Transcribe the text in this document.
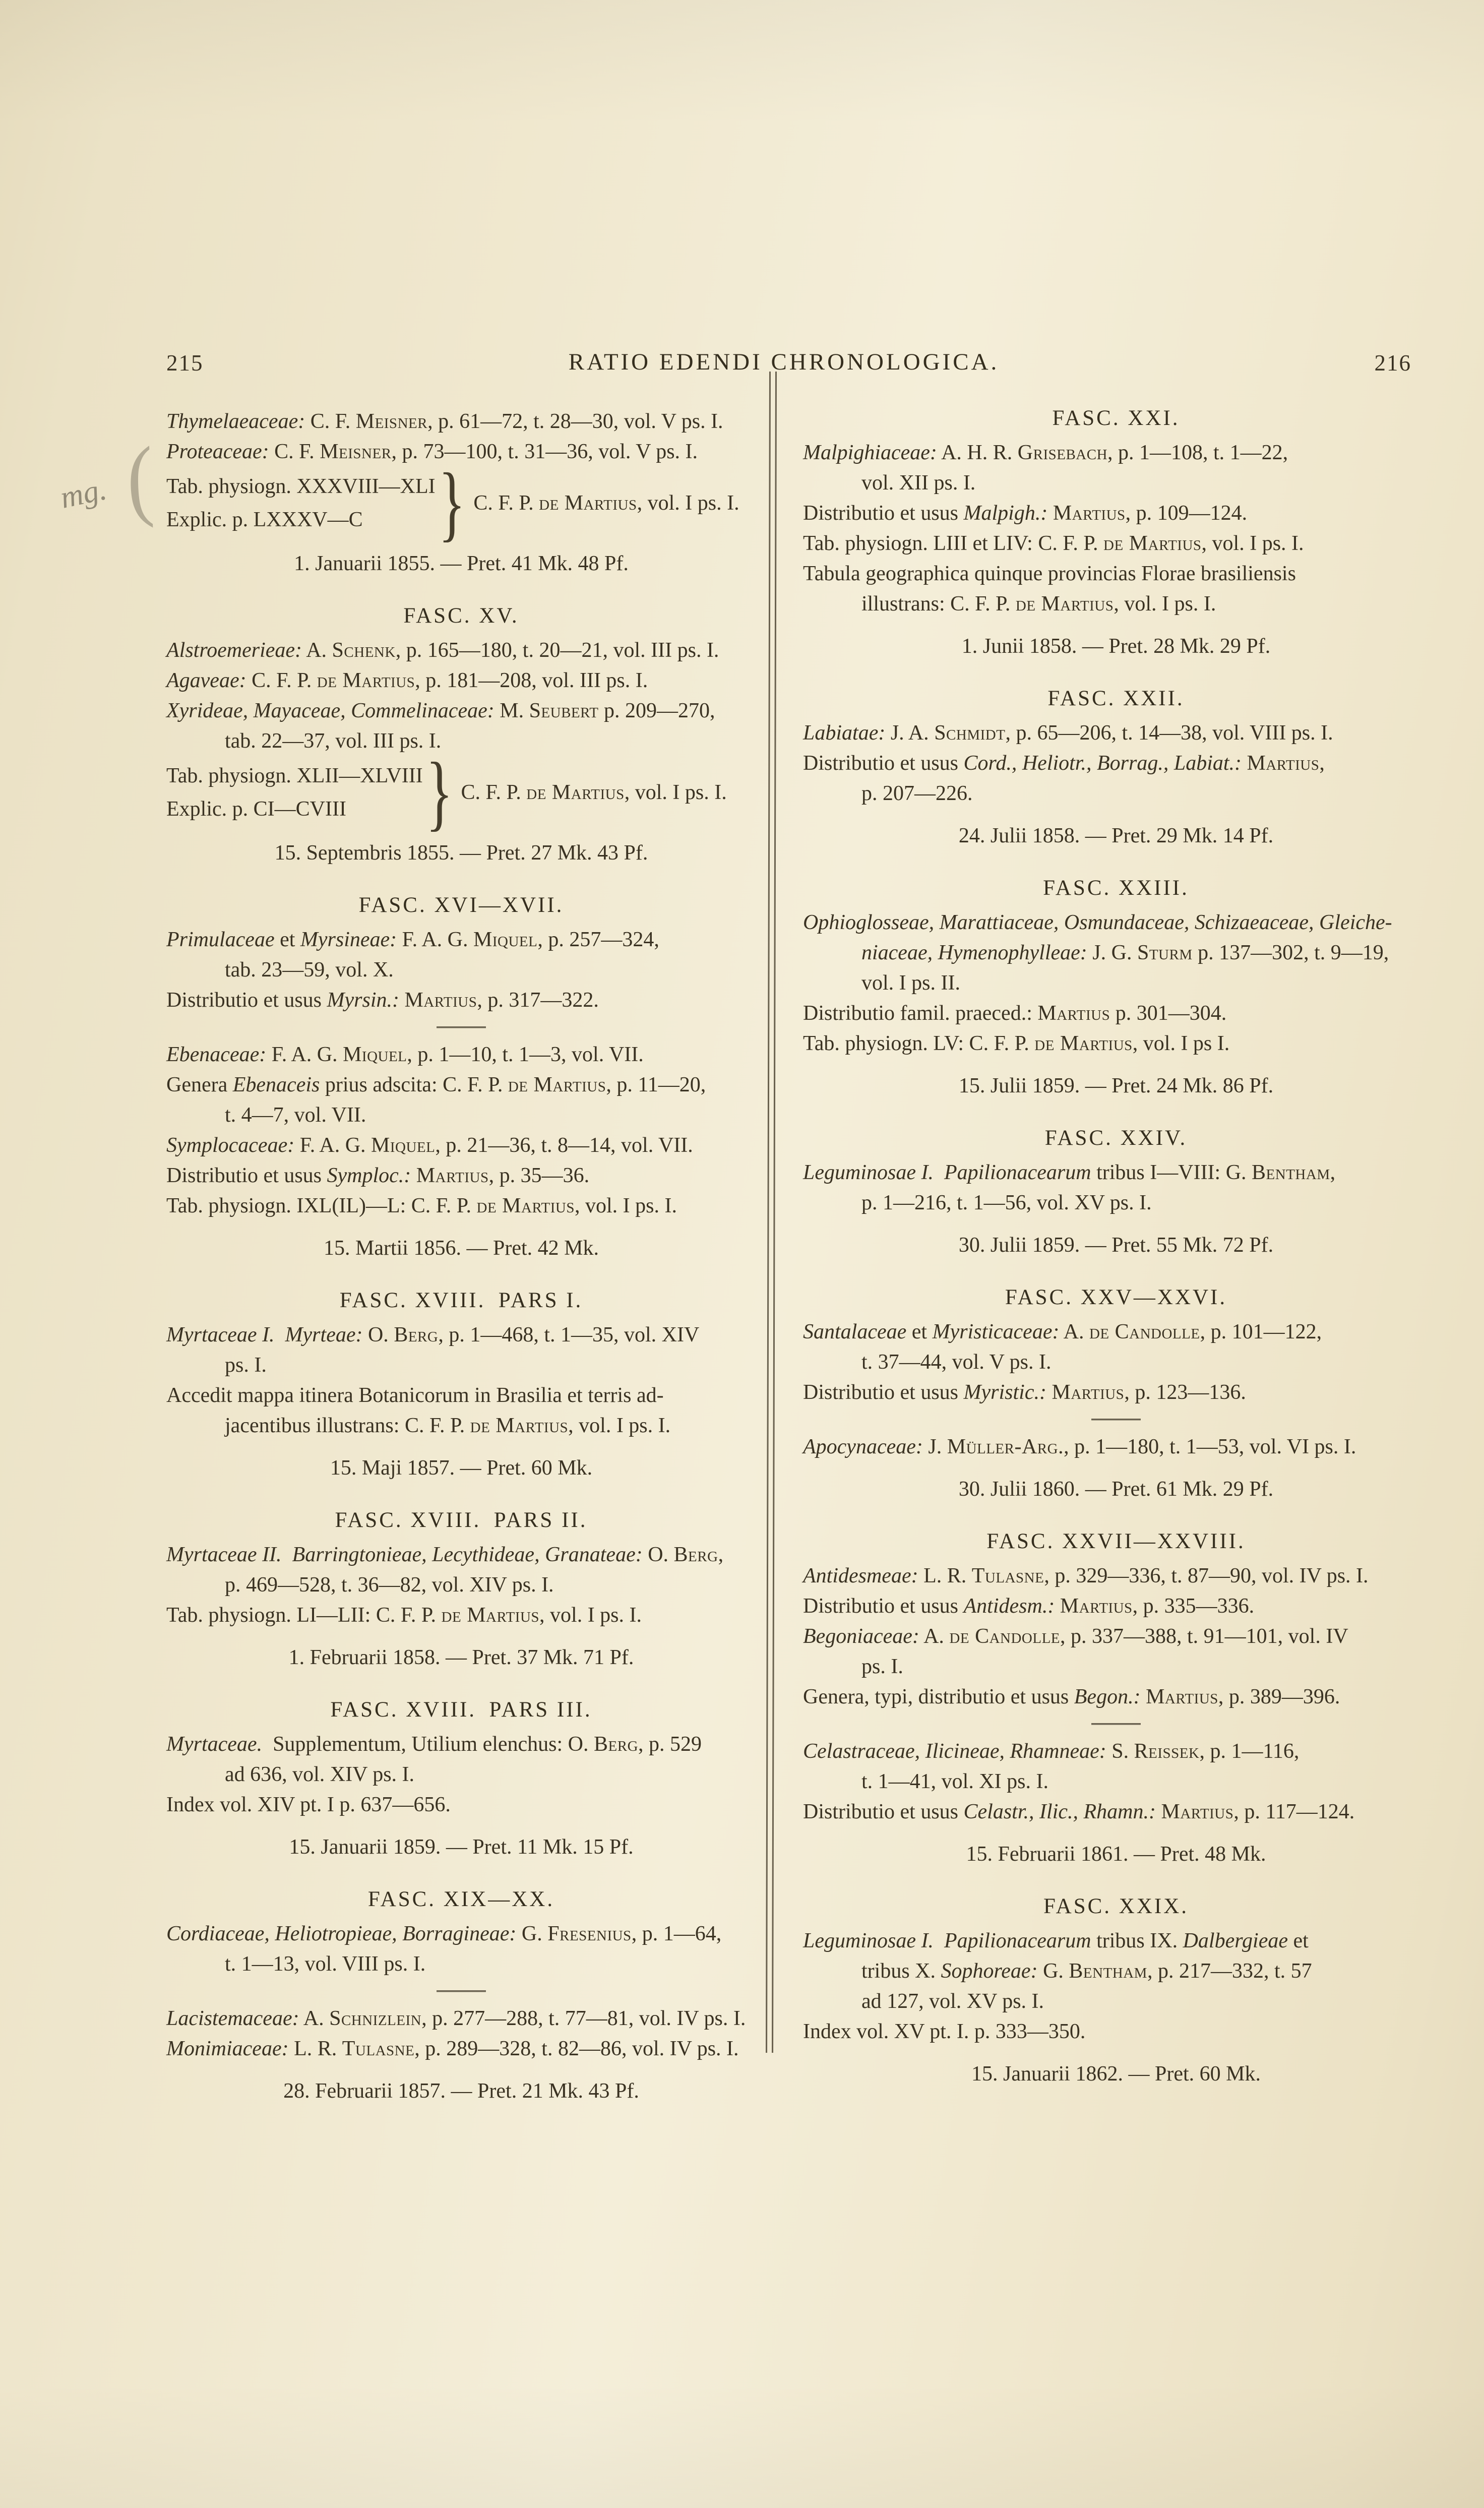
215	RATIO EDENDI CHRONOLOGICA.	216
(
mg.
Thymelaeaceae: C. F. Meisner, p. 61—72, t. 28—30, vol. V ps. I.
Proteaceae: C. F. Meisner, p. 73—100, t. 31—36, vol. V ps. I.
Tab. physiogn. XXXVIII—XLI
Explic. p. LXXXV—C	} C. F. P. de Martius, vol. I ps. I.
1. Januarii 1855. — Pret. 41 Mk. 48 Pf.
FASC. XV.
Alstroemerieae: A. Schenk, p. 165—180, t. 20—21, vol. III ps. I.
Agaveae: C. F. P. de Martius, p. 181—208, vol. III ps. I.
Xyrideae, Mayaceae, Commelinaceae: M. Seubert p. 209—270,
tab. 22—37, vol. III ps. I.
Tab. physiogn. XLII—XLVIII
Explic. p. CI—CVIII	} C. F. P. de Martius, vol. I ps. I.
15. Septembris 1855. — Pret. 27 Mk. 43 Pf.
FASC. XVI—XVII.
Primulaceae et Myrsineae: F. A. G. Miquel, p. 257—324,
tab. 23—59, vol. X.
Distributio et usus Myrsin.: Martius, p. 317—322.
Ebenaceae: F. A. G. Miquel, p. 1—10, t. 1—3, vol. VII.
Genera Ebenaceis prius adscita: C. F. P. de Martius, p. 11—20,
t. 4—7, vol. VII.
Symplocaceae: F. A. G. Miquel, p. 21—36, t. 8—14, vol. VII.
Distributio et usus Symploc.: Martius, p. 35—36.
Tab. physiogn. IXL(IL)—L: C. F. P. de Martius, vol. I ps. I.
15. Martii 1856. — Pret. 42 Mk.
FASC. XVIII. PARS I.
Myrtaceae I. Myrteae: O. Berg, p. 1—468, t. 1—35, vol. XIV
ps. I.
Accedit mappa itinera Botanicorum in Brasilia et terris ad-
jacentibus illustrans: C. F. P. de Martius, vol. I ps. I.
15. Maji 1857. — Pret. 60 Mk.
FASC. XVIII. PARS II.
Myrtaceae II. Barringtonieae, Lecythideae, Granateae: O. Berg,
p. 469—528, t. 36—82, vol. XIV ps. I.
Tab. physiogn. LI—LII: C. F. P. de Martius, vol. I ps. I.
1. Februarii 1858. — Pret. 37 Mk. 71 Pf.
FASC. XVIII. PARS III.
Myrtaceae. Supplementum, Utilium elenchus: O. Berg, p. 529
ad 636, vol. XIV ps. I.
Index vol. XIV pt. I p. 637—656.
15. Januarii 1859. — Pret. 11 Mk. 15 Pf.
FASC. XIX—XX.
Cordiaceae, Heliotropieae, Borragineae: G. Fresenius, p. 1—64,
t. 1—13, vol. VIII ps. I.
Lacistemaceae: A. Schnizlein, p. 277—288, t. 77—81, vol. IV ps. I.
Monimiaceae: L. R. Tulasne, p. 289—328, t. 82—86, vol. IV ps. I.
28. Februarii 1857. — Pret. 21 Mk. 43 Pf.
FASC. XXI.
Malpighiaceae: A. H. R. Grisebach, p. 1—108, t. 1—22,
vol. XII ps. I.
Distributio et usus Malpigh.: Martius, p. 109—124.
Tab. physiogn. LIII et LIV: C. F. P. de Martius, vol. I ps. I.
Tabula geographica quinque provincias Florae brasiliensis
illustrans: C. F. P. de Martius, vol. I ps. I.
1. Junii 1858. — Pret. 28 Mk. 29 Pf.
FASC. XXII.
Labiatae: J. A. Schmidt, p. 65—206, t. 14—38, vol. VIII ps. I.
Distributio et usus Cord., Heliotr., Borrag., Labiat.: Martius,
p. 207—226.
24. Julii 1858. — Pret. 29 Mk. 14 Pf.
FASC. XXIII.
Ophioglosseae, Marattiaceae, Osmundaceae, Schizaeaceae, Gleiche-
niaceae, Hymenophylleae: J. G. Sturm p. 137—302, t. 9—19,
vol. I ps. II.
Distributio famil. praeced.: Martius p. 301—304.
Tab. physiogn. LV: C. F. P. de Martius, vol. I ps I.
15. Julii 1859. — Pret. 24 Mk. 86 Pf.
FASC. XXIV.
Leguminosae I. Papilionacearum tribus I—VIII: G. Bentham,
p. 1—216, t. 1—56, vol. XV ps. I.
30. Julii 1859. — Pret. 55 Mk. 72 Pf.
FASC. XXV—XXVI.
Santalaceae et Myristicaceae: A. de Candolle, p. 101—122,
t. 37—44, vol. V ps. I.
Distributio et usus Myristic.: Martius, p. 123—136.
Apocynaceae: J. Müller-Arg., p. 1—180, t. 1—53, vol. VI ps. I.
30. Julii 1860. — Pret. 61 Mk. 29 Pf.
FASC. XXVII—XXVIII.
Antidesmeae: L. R. Tulasne, p. 329—336, t. 87—90, vol. IV ps. I.
Distributio et usus Antidesm.: Martius, p. 335—336.
Begoniaceae: A. de Candolle, p. 337—388, t. 91—101, vol. IV
ps. I.
Genera, typi, distributio et usus Begon.: Martius, p. 389—396.
Celastraceae, Ilicineae, Rhamneae: S. Reissek, p. 1—116,
t. 1—41, vol. XI ps. I.
Distributio et usus Celastr., Ilic., Rhamn.: Martius, p. 117—124.
15. Februarii 1861. — Pret. 48 Mk.
FASC. XXIX.
Leguminosae I. Papilionacearum tribus IX. Dalbergieae et
tribus X. Sophoreae: G. Bentham, p. 217—332, t. 57
ad 127, vol. XV ps. I.
Index vol. XV pt. I. p. 333—350.
15. Januarii 1862. — Pret. 60 Mk.
